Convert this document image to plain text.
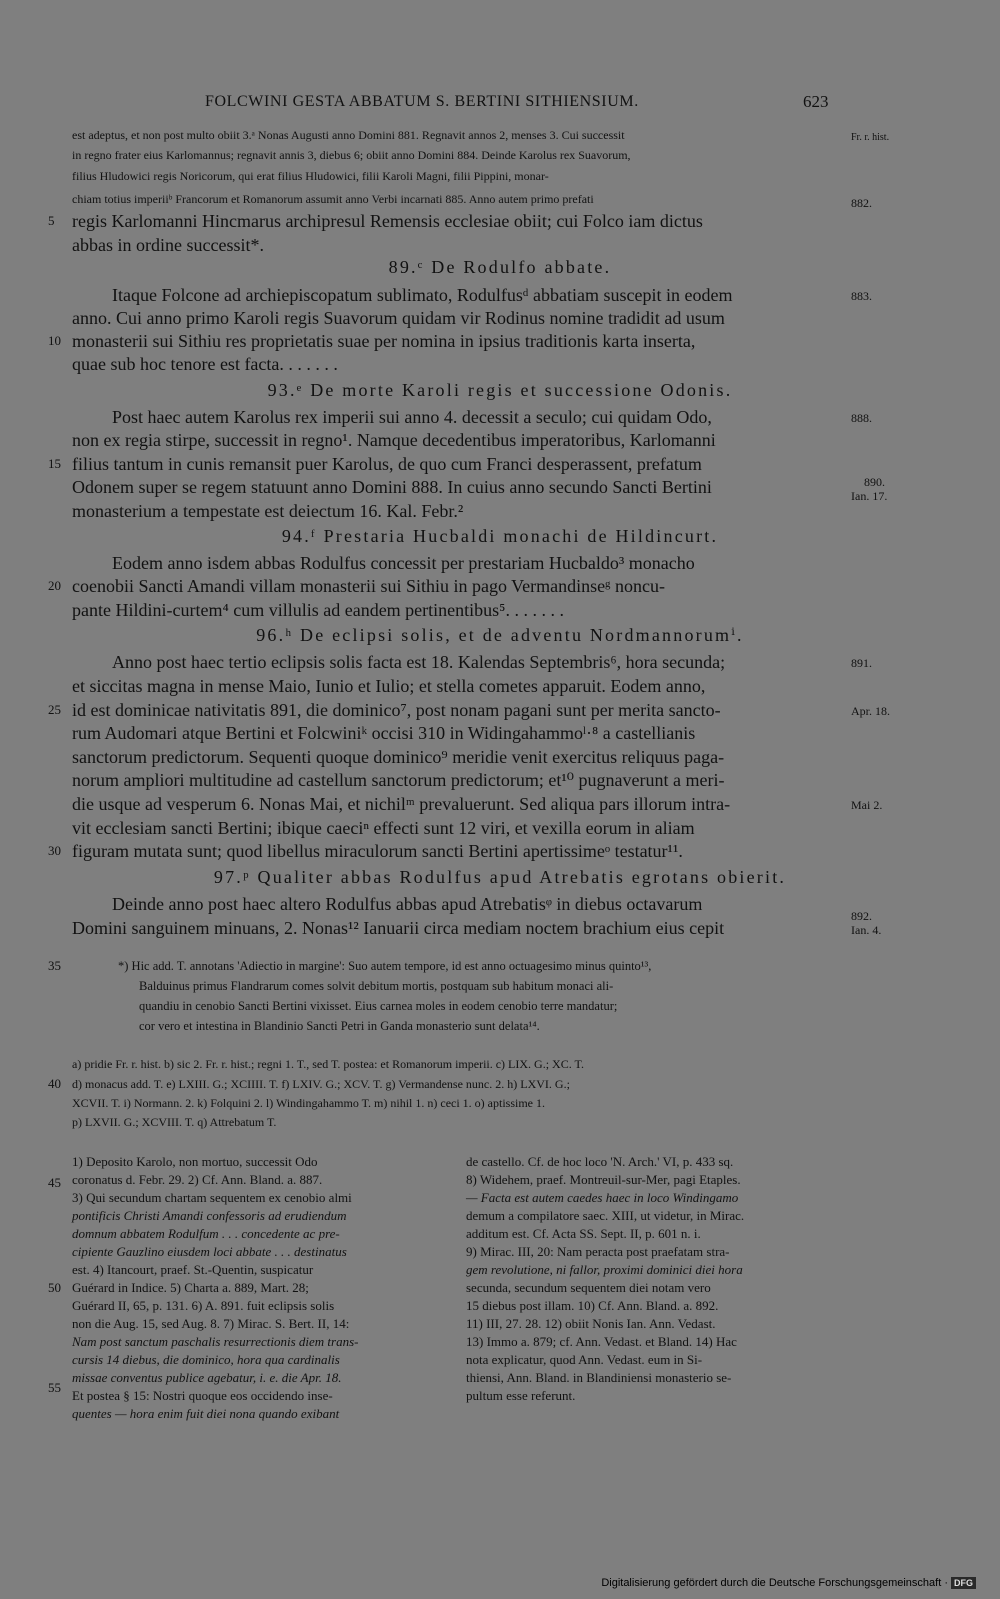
FOLCWINI GESTA ABBATUM S. BERTINI SITHIENSIUM.	623
est adeptus, et non post multo obiit 3.ᵃ Nonas Augusti anno Domini 881. Regnavit annos 2, menses 3. Cui successit
in regno frater eius Karlomannus; regnavit annis 3, diebus 6; obiit anno Domini 884. Deinde Karolus rex Suavorum,
filius Hludowici regis Noricorum, qui erat filius Hludowici, filii Karoli Magni, filii Pippini, monar-
chiam totius imperiiᵇ Francorum et Romanorum assumit anno Verbi incarnati 885. Anno autem primo prefati
regis Karlomanni Hincmarus archipresul Remensis ecclesiae obiit; cui Folco iam dictus
abbas in ordine successit*.
89.ᶜ De Rodulfo abbate.
Itaque Folcone ad archiepiscopatum sublimato, Rodulfusᵈ abbatiam suscepit in eodem
anno. Cui anno primo Karoli regis Suavorum quidam vir Rodinus nomine tradidit ad usum
monasterii sui Sithiu res proprietatis suae per nomina in ipsius traditionis karta inserta,
quae sub hoc tenore est facta. . . . . . .
93.ᵉ De morte Karoli regis et successione Odonis.
Post haec autem Karolus rex imperii sui anno 4. decessit a seculo; cui quidam Odo,
non ex regia stirpe, successit in regno¹. Namque decedentibus imperatoribus, Karlomanni
filius tantum in cunis remansit puer Karolus, de quo cum Franci desperassent, prefatum
Odonem super se regem statuunt anno Domini 888. In cuius anno secundo Sancti Bertini
monasterium a tempestate est deiectum 16. Kal. Febr.²
94.ᶠ Prestaria Hucbaldi monachi de Hildincurt.
Eodem anno isdem abbas Rodulfus concessit per prestariam Hucbaldo³ monacho
coenobii Sancti Amandi villam monasterii sui Sithiu in pago Vermandinseᵍ noncu-
pante Hildini-curtem⁴ cum villulis ad eandem pertinentibus⁵. . . . . . .
96.ʰ De eclipsi solis, et de adventu Nordmannorumⁱ.
Anno post haec tertio eclipsis solis facta est 18. Kalendas Septembris⁶, hora secunda;
et siccitas magna in mense Maio, Iunio et Iulio; et stella cometes apparuit. Eodem anno,
id est dominicae nativitatis 891, die dominico⁷, post nonam pagani sunt per merita sancto-
rum Audomari atque Bertini et Folcwiniᵏ occisi 310 in Widingahammoˡ·⁸ a castellianis
sanctorum predictorum. Sequenti quoque dominico⁹ meridie venit exercitus reliquus paga-
norum ampliori multitudine ad castellum sanctorum predictorum; et¹⁰ pugnaverunt a meri-
die usque ad vesperum 6. Nonas Mai, et nichilᵐ prevaluerunt. Sed aliqua pars illorum intra-
vit ecclesiam sancti Bertini; ibique caeciⁿ effecti sunt 12 viri, et vexilla eorum in aliam
figuram mutata sunt; quod libellus miraculorum sancti Bertini apertissimeᵒ testatur¹¹.
97.ᵖ Qualiter abbas Rodulfus apud Atrebatis egrotans obierit.
Deinde anno post haec altero Rodulfus abbas apud Atrebatisᵠ in diebus octavarum
Domini sanguinem minuans, 2. Nonas¹² Ianuarii circa mediam noctem brachium eius cepit
5
10
15
20
25
30
35
40
45
50
55
Fr. r. hist.
882.
883.
888.
890.
Ian. 17.
891.
Apr. 18.
Mai 2.
892.
Ian. 4.
*) Hic add. T. annotans 'Adiectio in margine': Suo autem tempore, id est anno octuagesimo minus quinto¹³,
Balduinus primus Flandrarum comes solvit debitum mortis, postquam sub habitum monaci ali-
quandiu in cenobio Sancti Bertini vixisset. Eius carnea moles in eodem cenobio terre mandatur;
cor vero et intestina in Blandinio Sancti Petri in Ganda monasterio sunt delata¹⁴.
a) pridie Fr. r. hist. b) sic 2. Fr. r. hist.; regni 1. T., sed T. postea: et Romanorum imperii. c) LIX. G.; XC. T.
d) monacus add. T. e) LXIII. G.; XCIIII. T. f) LXIV. G.; XCV. T. g) Vermandense nunc. 2. h) LXVI. G.;
XCVII. T. i) Normann. 2. k) Folquini 2. l) Windingahammo T. m) nihil 1. n) ceci 1. o) aptissime 1.
p) LXVII. G.; XCVIII. T. q) Attrebatum T.
1) Deposito Karolo, non mortuo, successit Odo
coronatus d. Febr. 29. 2) Cf. Ann. Bland. a. 887.
3) Qui secundum chartam sequentem ex cenobio almi
pontificis Christi Amandi confessoris ad erudiendum
domnum abbatem Rodulfum . . . concedente ac pre-
cipiente Gauzlino eiusdem loci abbate . . . destinatus
est. 4) Itancourt, praef. St.-Quentin, suspicatur
Guérard in Indice. 5) Charta a. 889, Mart. 28;
Guérard II, 65, p. 131. 6) A. 891. fuit eclipsis solis
non die Aug. 15, sed Aug. 8. 7) Mirac. S. Bert. II, 14:
Nam post sanctum paschalis resurrectionis diem trans-
cursis 14 diebus, die dominico, hora qua cardinalis
missae conventus publice agebatur, i. e. die Apr. 18.
Et postea § 15: Nostri quoque eos occidendo inse-
quentes — hora enim fuit diei nona quando exibant
de castello. Cf. de hoc loco 'N. Arch.' VI, p. 433 sq.
8) Widehem, praef. Montreuil-sur-Mer, pagi Etaples.
— Facta est autem caedes haec in loco Windingamo
demum a compilatore saec. XIII, ut videtur, in Mirac.
additum est. Cf. Acta SS. Sept. II, p. 601 n. i.
9) Mirac. III, 20: Nam peracta post praefatam stra-
gem revolutione, ni fallor, proximi dominici diei hora
secunda, secundum sequentem diei notam vero
15 diebus post illam. 10) Cf. Ann. Bland. a. 892.
11) III, 27. 28. 12) obiit Nonis Ian. Ann. Vedast.
13) Immo a. 879; cf. Ann. Vedast. et Bland. 14) Hac
nota explicatur, quod Ann. Vedast. eum in Si-
thiensi, Ann. Bland. in Blandiniensi monasterio se-
pultum esse referunt.
Digitalisierung gefördert durch die Deutsche Forschungsgemeinschaft · DFG
